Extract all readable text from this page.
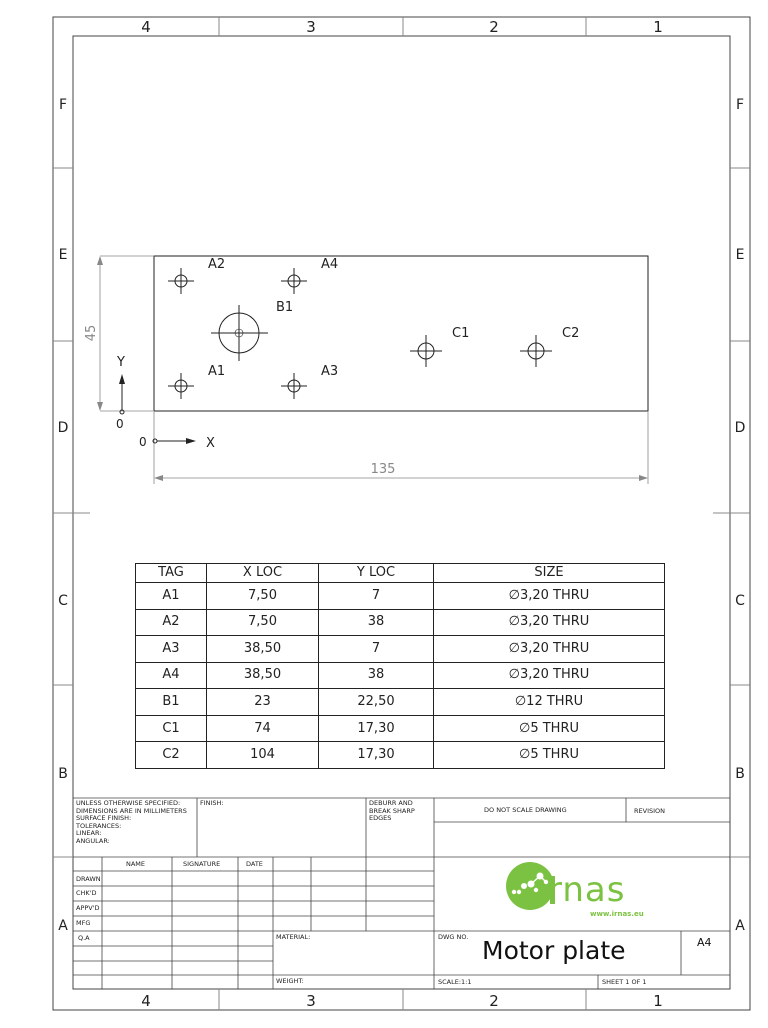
4	3	2	1
4	3	2	1
F
E
D
C
B
A
F
E
D
C
B
A
A2	A4
B1
A1	A3
C1	C2
45
135
Y
0
0	X
TAG	X LOC	Y LOC	SIZE
A1	7,50	7	∅3,20 THRU
A2	7,50	38	∅3,20 THRU
A3	38,50	7	∅3,20 THRU
A4	38,50	38	∅3,20 THRU
B1	23	22,50	∅12 THRU
C1	74	17,30	∅5 THRU
C2	104	17,30	∅5 THRU
UNLESS OTHERWISE SPECIFIED:
DIMENSIONS ARE IN MILLIMETERS
SURFACE FINISH:
TOLERANCES:
LINEAR:
ANGULAR:
FINISH:	DEBURR AND
BREAK SHARP
EDGES
DO NOT SCALE DRAWING	REVISION
NAME	SIGNATURE	DATE
DRAWN
CHK'D
APPV'D
MFG
Q.A	MATERIAL:
WEIGHT:
DWG NO. Motor plate	A4
SCALE:1:1	SHEET 1 OF 1
rnas
www.irnas.eu
